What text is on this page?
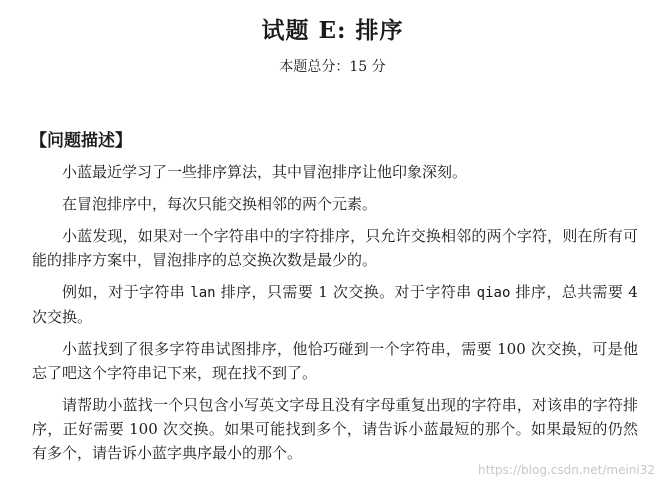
试题 E: 排序
本题总分：15 分
【问题描述】

小蓝最近学习了一些排序算法，其中冒泡排序让他印象深刻。

在冒泡排序中，每次只能交换相邻的两个元素。

小蓝发现，如果对一个字符串中的字符排序，只允许交换相邻的两个字符，则在所有可能的排序方案中，冒泡排序的总交换次数是最少的。

例如，对于字符串 lan 排序，只需要 1 次交换。对于字符串 qiao 排序，总共需要 4 次交换。

小蓝找到了很多字符串试图排序，他恰巧碰到一个字符串，需要 100 次交换，可是他忘了吧这个字符串记下来，现在找不到了。

请帮助小蓝找一个只包含小写英文字母且没有字母重复出现的字符串，对该串的字符排序，正好需要 100 次交换。如果可能找到多个，请告诉小蓝最短的那个。如果最短的仍然有多个，请告诉小蓝字典序最小的那个。

https://blog.csdn.net/meini32
